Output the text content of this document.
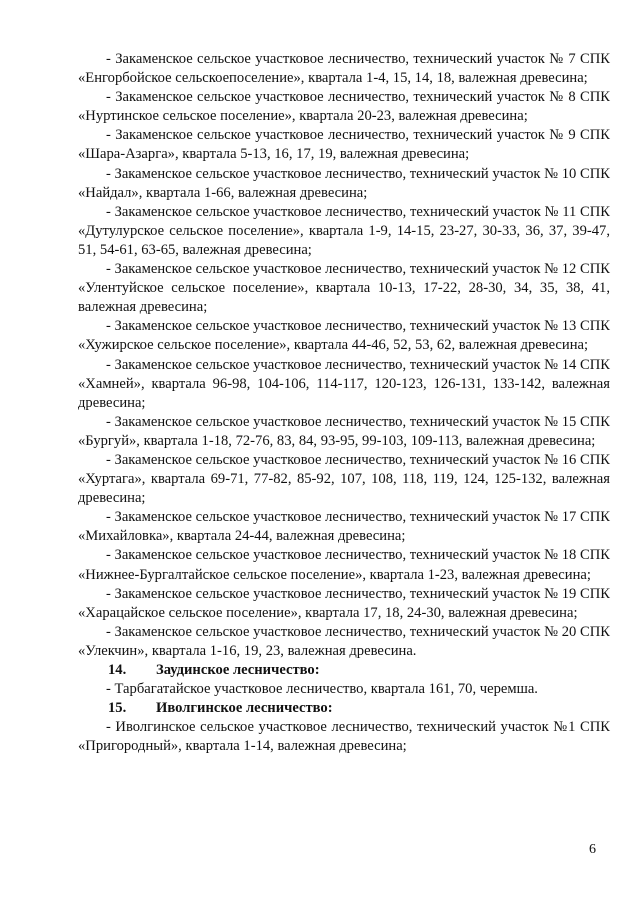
- Закаменское сельское участковое лесничество, технический участок № 7 СПК «Енгорбойское сельскоепоселение», квартала 1-4, 15, 14, 18, валежная древесина;

- Закаменское сельское участковое лесничество, технический участок № 8 СПК «Нуртинское сельское поселение», квартала 20-23, валежная древесина;

- Закаменское сельское участковое лесничество, технический участок № 9 СПК «Шара-Азарга», квартала 5-13, 16, 17, 19, валежная древесина;

- Закаменское сельское участковое лесничество, технический участок № 10 СПК «Найдал», квартала 1-66, валежная древесина;

- Закаменское сельское участковое лесничество, технический участок № 11 СПК «Дутулурское сельское поселение», квартала 1-9, 14-15, 23-27, 30-33, 36, 37, 39-47, 51, 54-61, 63-65, валежная древесина;

- Закаменское сельское участковое лесничество, технический участок № 12 СПК «Улентуйское сельское поселение», квартала 10-13, 17-22, 28-30, 34, 35, 38, 41, валежная древесина;

- Закаменское сельское участковое лесничество, технический участок № 13 СПК «Хужирское сельское поселение», квартала 44-46, 52, 53, 62, валежная древесина;

- Закаменское сельское участковое лесничество, технический участок № 14 СПК «Хамней», квартала 96-98, 104-106, 114-117, 120-123, 126-131, 133-142, валежная древесина;

- Закаменское сельское участковое лесничество, технический участок № 15 СПК «Бургуй», квартала 1-18, 72-76, 83, 84, 93-95, 99-103, 109-113, валежная древесина;

- Закаменское сельское участковое лесничество, технический участок № 16 СПК «Хуртага», квартала 69-71, 77-82, 85-92, 107, 108, 118, 119, 124, 125-132, валежная древесина;

- Закаменское сельское участковое лесничество, технический участок № 17 СПК «Михайловка», квартала 24-44, валежная древесина;

- Закаменское сельское участковое лесничество, технический участок № 18 СПК «Нижнее-Бургалтайское сельское поселение», квартала 1-23, валежная древесина;

- Закаменское сельское участковое лесничество, технический участок № 19 СПК «Харацайское сельское поселение», квартала 17, 18, 24-30, валежная древесина;

- Закаменское сельское участковое лесничество, технический участок № 20 СПК «Улекчин», квартала 1-16, 19, 23, валежная древесина.

14. Заудинское лесничество:

- Тарбагатайское участковое лесничество, квартала 161, 70, черемша.

15. Иволгинское лесничество:

- Иволгинское сельское участковое лесничество, технический участок №1 СПК «Пригородный», квартала 1-14, валежная древесина;

6
